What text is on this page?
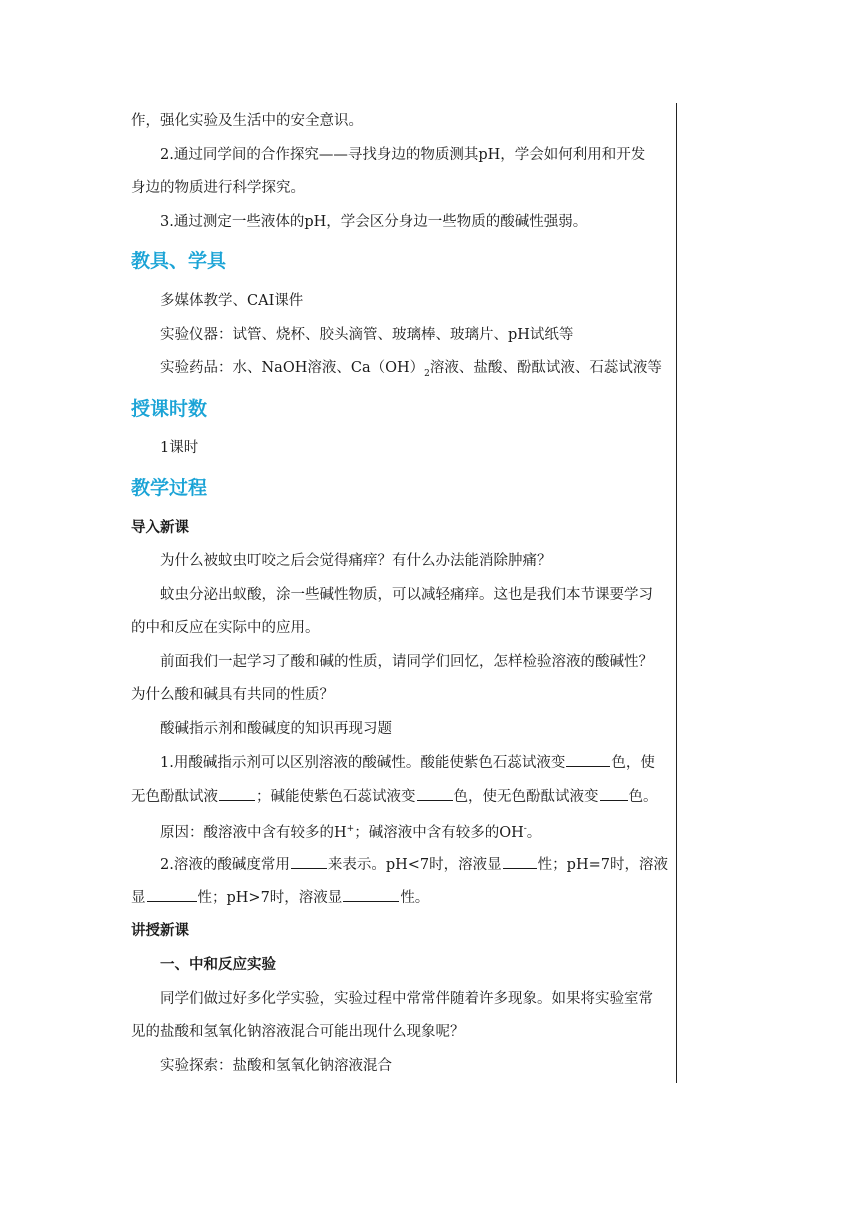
作，强化实验及生活中的安全意识。
2.通过同学间的合作探究——寻找身边的物质测其pH，学会如何利用和开发
身边的物质进行科学探究。
3.通过测定一些液体的pH，学会区分身边一些物质的酸碱性强弱。
教具、学具
多媒体教学、CAI课件
实验仪器：试管、烧杯、胶头滴管、玻璃棒、玻璃片、pH试纸等
实验药品：水、NaOH溶液、$Ca(OH)_2$溶液、盐酸、酚酞试液、石蕊试液等
授课时数
1课时
教学过程
导入新课
为什么被蚊虫叮咬之后会觉得痛痒？有什么办法能消除肿痛？
蚊虫分泌出蚁酸，涂一些碱性物质，可以减轻痛痒。这也是我们本节课要学习
的中和反应在实际中的应用。
前面我们一起学习了酸和碱的性质，请同学们回忆，怎样检验溶液的酸碱性？
为什么酸和碱具有共同的性质？
酸碱指示剂和酸碱度的知识再现习题
1.用酸碱指示剂可以区别溶液的酸碱性。酸能使紫色石蕊试液变	色，使
无色酚酞试液	；碱能使紫色石蕊试液变	色，使无色酚酞试液变 色。
原因：酸溶液中含有较多的H+；碱溶液中含有较多的OH-。
2.溶液的酸碱度常用	来表示。pH<7时，溶液显 性；pH=7时，溶液
显	性；pH>7时，溶液显	性。
讲授新课
一、中和反应实验
同学们做过好多化学实验，实验过程中常常伴随着许多现象。如果将实验室常
见的盐酸和氢氧化钠溶液混合可能出现什么现象呢？
实验探索：盐酸和氢氧化钠溶液混合
